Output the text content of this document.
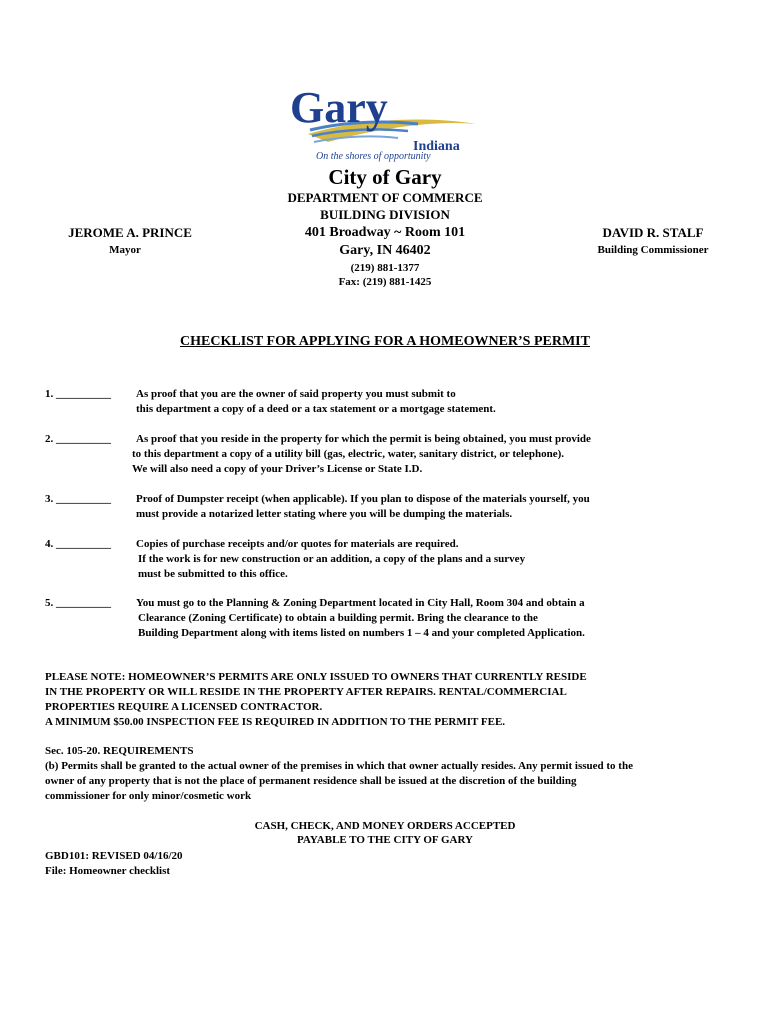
Gary
Indiana
On the shores of opportunity
City of Gary
DEPARTMENT OF COMMERCE
BUILDING DIVISION
401 Broadway ~ Room 101
Gary, IN 46402
(219) 881-1377
Fax: (219) 881-1425
JEROME A. PRINCE
Mayor
DAVID R. STALF
Building Commissioner
CHECKLIST FOR APPLYING FOR A HOMEOWNER’S PERMIT
1. __________ As proof that you are the owner of said property you must submit to
this department a copy of a deed or a tax statement or a mortgage statement.
2. __________ As proof that you reside in the property for which the permit is being obtained, you must provide
to this department a copy of a utility bill (gas, electric, water, sanitary district, or telephone).
We will also need a copy of your Driver’s License or State I.D.
3. __________ Proof of Dumpster receipt (when applicable). If you plan to dispose of the materials yourself, you
must provide a notarized letter stating where you will be dumping the materials.
4. __________ Copies of purchase receipts and/or quotes for materials are required.
If the work is for new construction or an addition, a copy of the plans and a survey
must be submitted to this office.
5. __________ You must go to the Planning & Zoning Department located in City Hall, Room 304 and obtain a
Clearance (Zoning Certificate) to obtain a building permit. Bring the clearance to the
Building Department along with items listed on numbers 1 – 4 and your completed Application.
PLEASE NOTE: HOMEOWNER’S PERMITS ARE ONLY ISSUED TO OWNERS THAT CURRENTLY RESIDE
IN THE PROPERTY OR WILL RESIDE IN THE PROPERTY AFTER REPAIRS. RENTAL/COMMERCIAL
PROPERTIES REQUIRE A LICENSED CONTRACTOR.
A MINIMUM $50.00 INSPECTION FEE IS REQUIRED IN ADDITION TO THE PERMIT FEE.
Sec. 105-20. REQUIREMENTS
(b) Permits shall be granted to the actual owner of the premises in which that owner actually resides. Any permit issued to the
owner of any property that is not the place of permanent residence shall be issued at the discretion of the building
commissioner for only minor/cosmetic work
CASH, CHECK, AND MONEY ORDERS ACCEPTED
PAYABLE TO THE CITY OF GARY
GBD101: REVISED 04/16/20
File: Homeowner checklist
